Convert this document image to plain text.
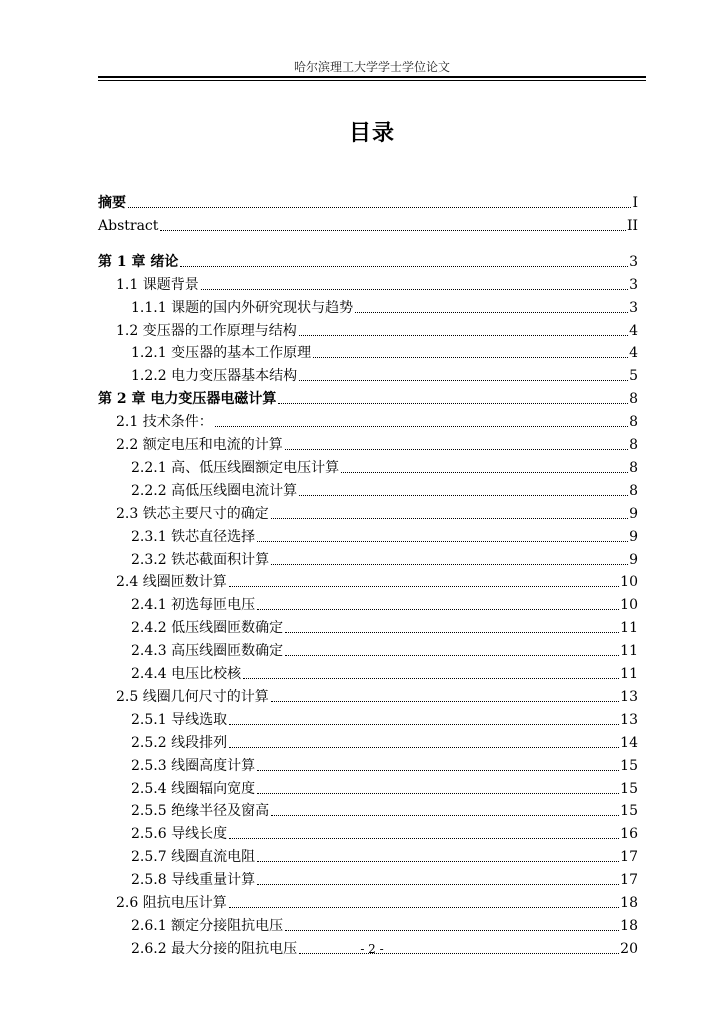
哈尔滨理工大学学士学位论文
目录
摘要	I
Abstract	II
第 1 章 绪论	3
1.1 课题背景	3
1.1.1 课题的国内外研究现状与趋势	3
1.2 变压器的工作原理与结构	4
1.2.1 变压器的基本工作原理	4
1.2.2 电力变压器基本结构	5
第 2 章 电力变压器电磁计算	8
2.1 技术条件：	8
2.2 额定电压和电流的计算	8
2.2.1 高、低压线圈额定电压计算	8
2.2.2 高低压线圈电流计算	8
2.3 铁芯主要尺寸的确定	9
2.3.1 铁芯直径选择	9
2.3.2 铁芯截面积计算	9
2.4 线圈匝数计算	10
2.4.1 初选每匝电压	10
2.4.2 低压线圈匝数确定	11
2.4.3 高压线圈匝数确定	11
2.4.4 电压比校核	11
2.5 线圈几何尺寸的计算	13
2.5.1 导线选取	13
2.5.2 线段排列	14
2.5.3 线圈高度计算	15
2.5.4 线圈辐向宽度	15
2.5.5 绝缘半径及窗高	15
2.5.6 导线长度	16
2.5.7 线圈直流电阻	17
2.5.8 导线重量计算	17
2.6 阻抗电压计算	18
2.6.1 额定分接阻抗电压	18
2.6.2 最大分接的阻抗电压	20
- 2 -
